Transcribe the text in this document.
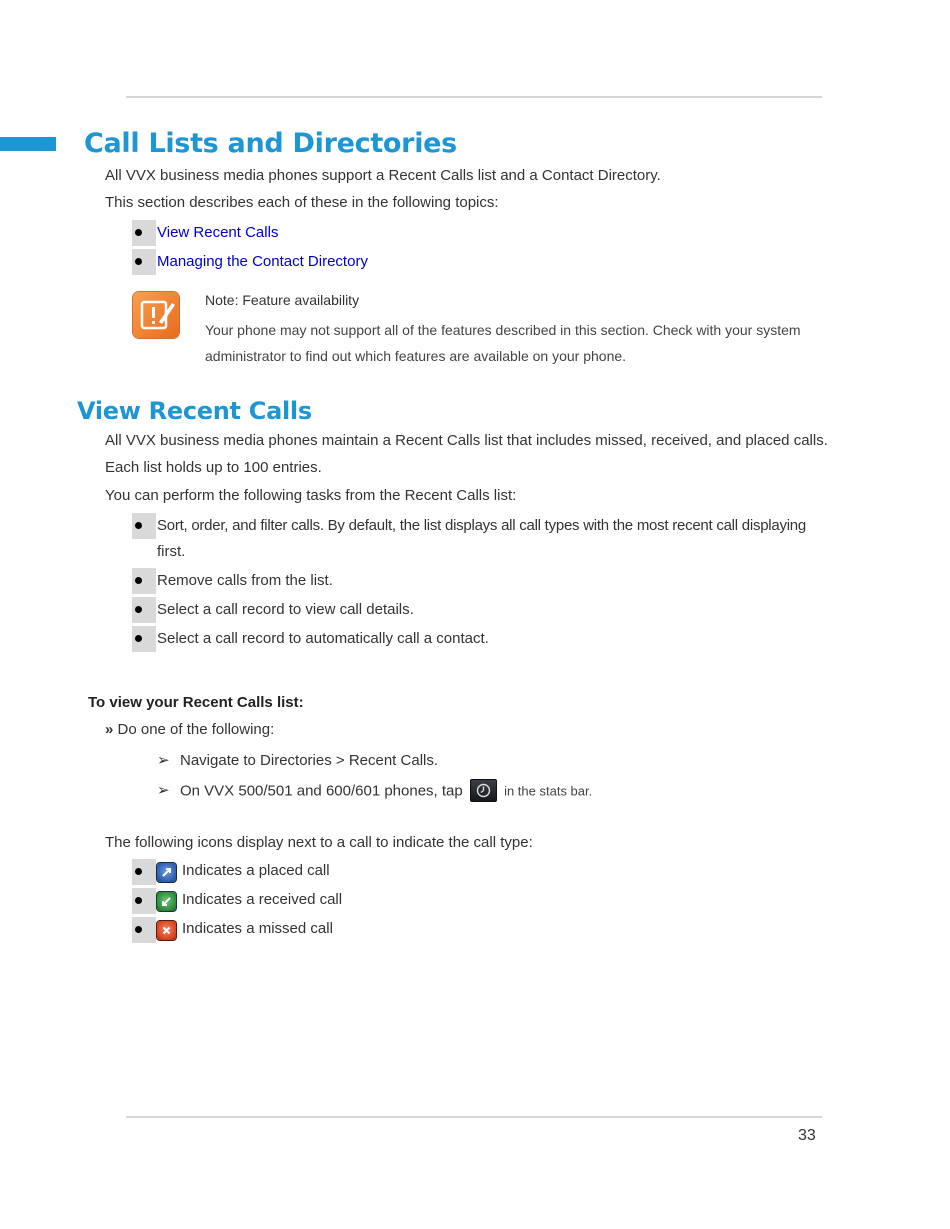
Call Lists and Directories
All VVX business media phones support a Recent Calls list and a Contact Directory.
This section describes each of these in the following topics:
View Recent Calls
Managing the Contact Directory
Note: Feature availability
Your phone may not support all of the features described in this section. Check with your system administrator to find out which features are available on your phone.
View Recent Calls
All VVX business media phones maintain a Recent Calls list that includes missed, received, and placed calls.
Each list holds up to 100 entries.
You can perform the following tasks from the Recent Calls list:
Sort, order, and filter calls. By default, the list displays all call types with the most recent call displaying
first.
Remove calls from the list.
Select a call record to view call details.
Select a call record to automatically call a contact.
To view your Recent Calls list:
» Do one of the following:
➢ Navigate to Directories > Recent Calls.
➢ On VVX 500/501 and 600/601 phones, tap	in the stats bar.
The following icons display next to a call to indicate the call type:
Indicates a placed call
Indicates a received call
Indicates a missed call
33
